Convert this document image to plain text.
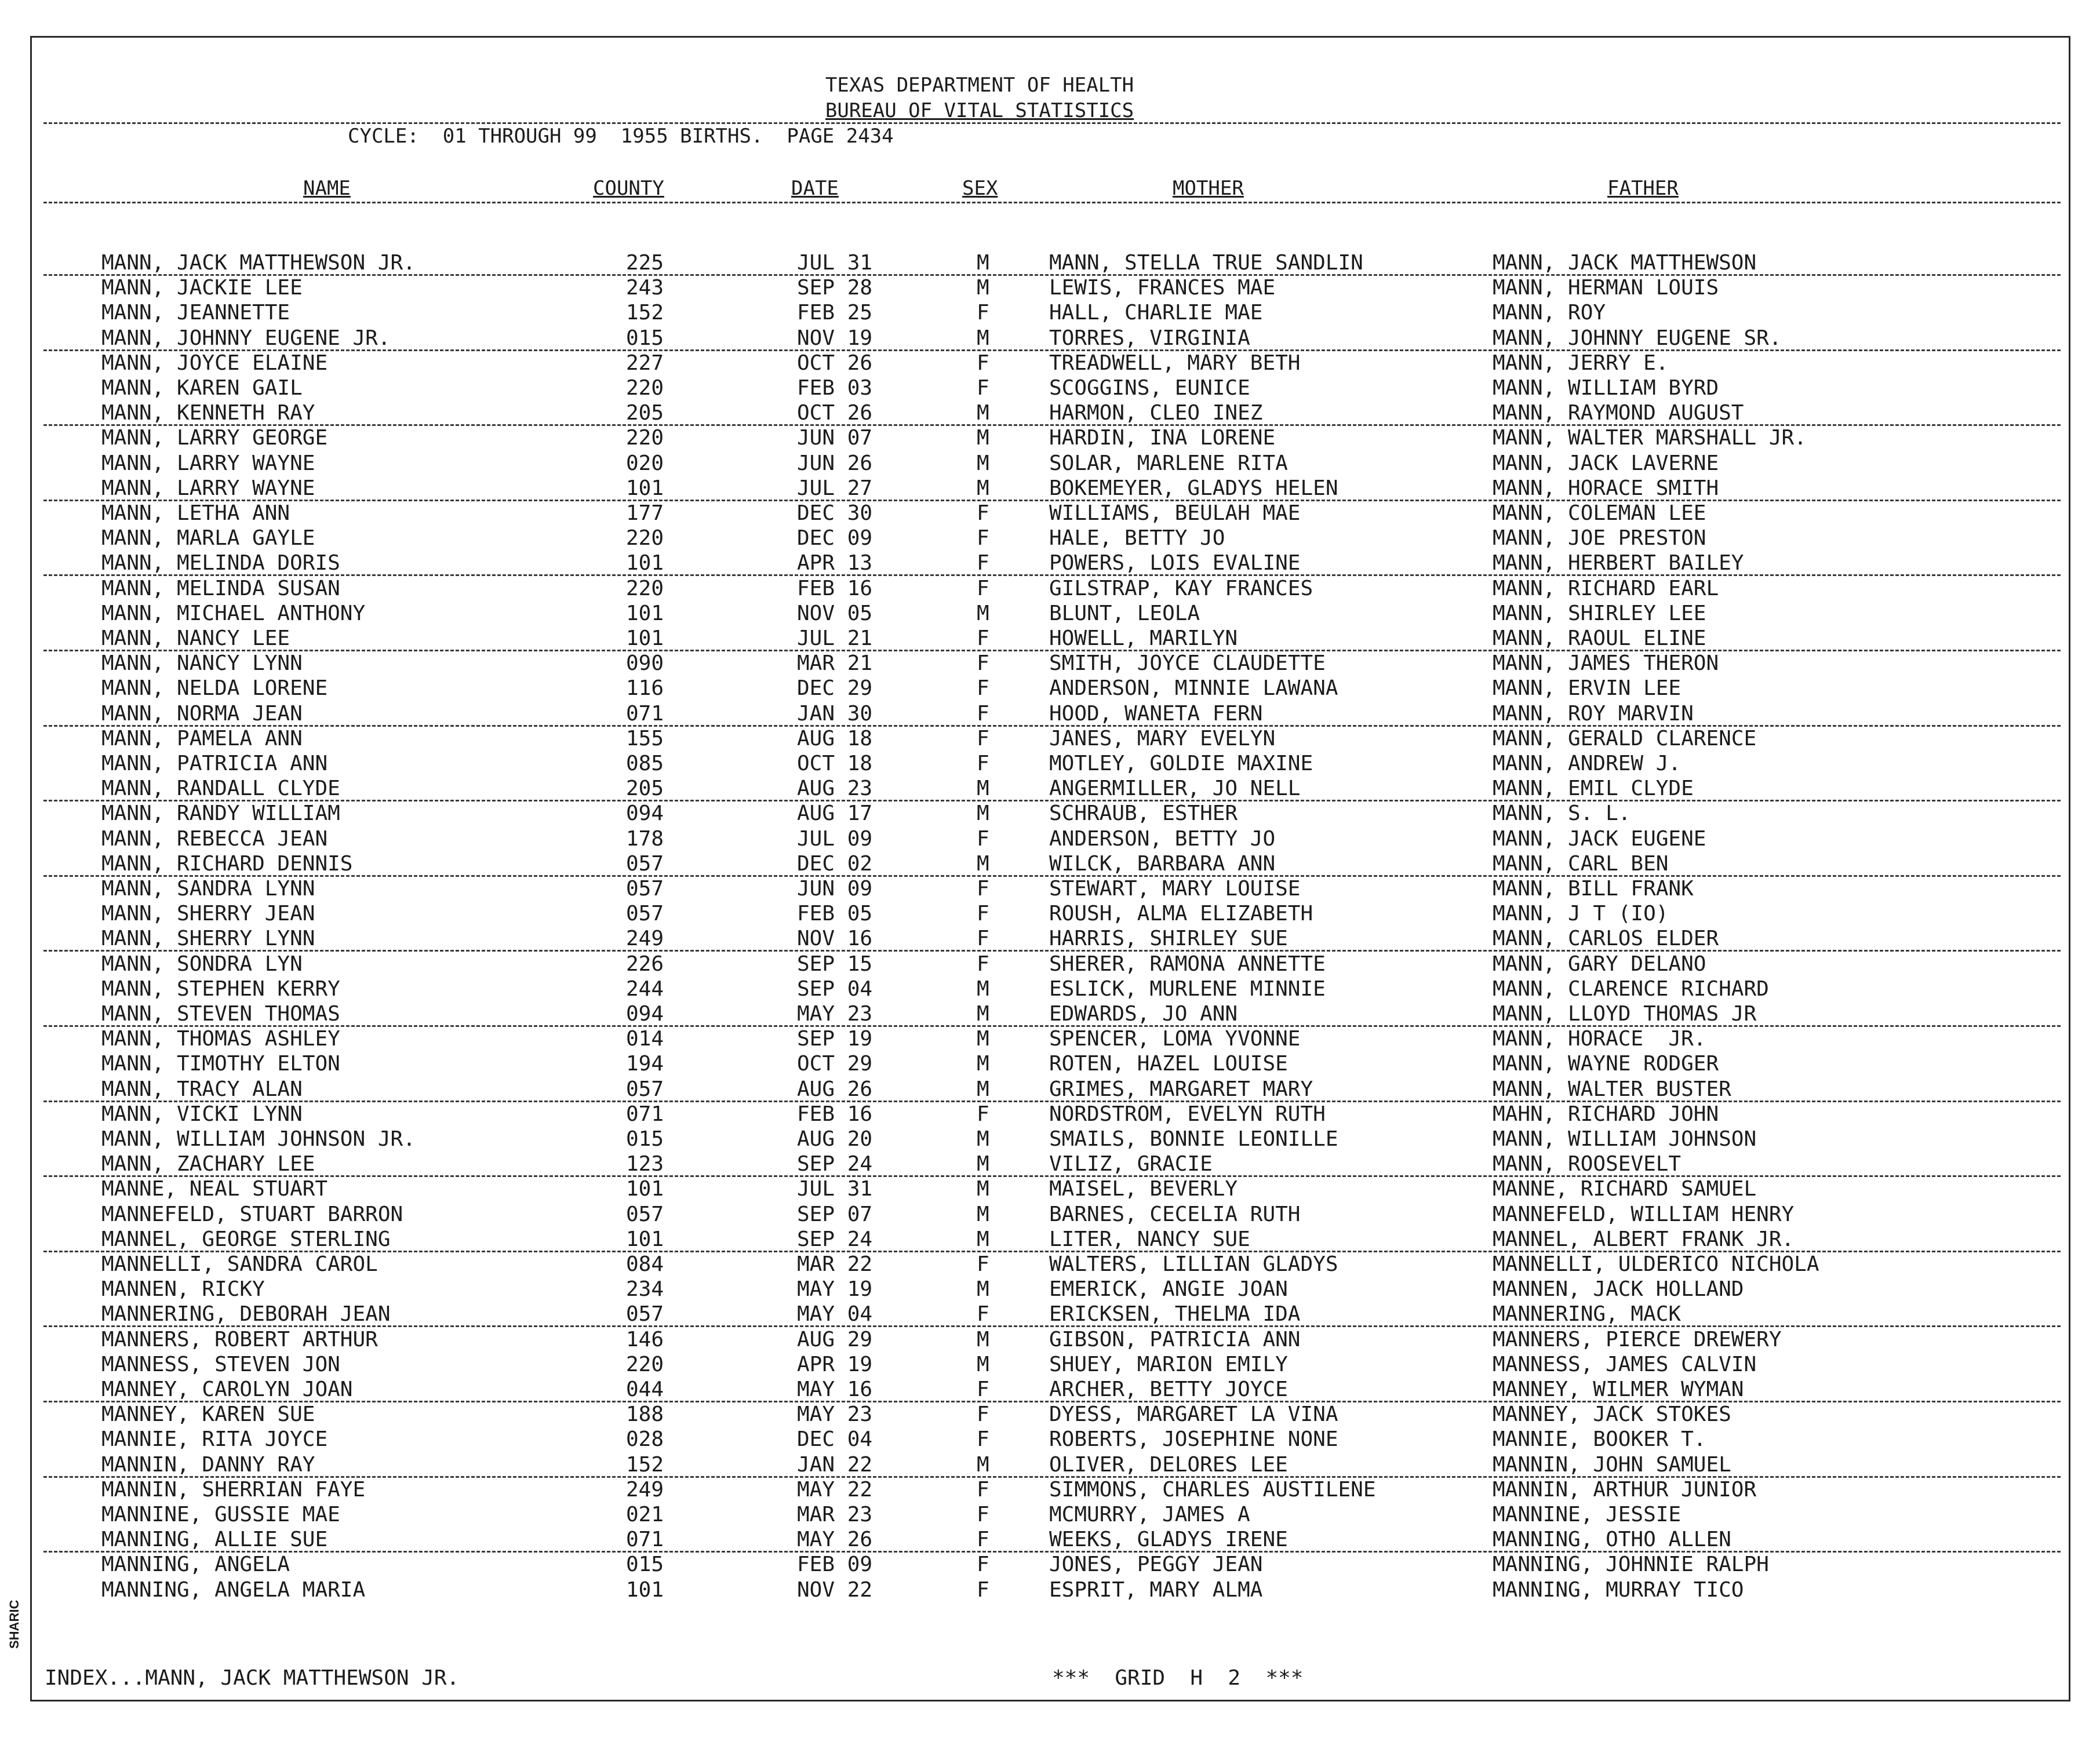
TEXAS DEPARTMENT OF HEALTH
BUREAU OF VITAL STATISTICS
CYCLE:  01 THROUGH 99  1955 BIRTHS.  PAGE 2434
NAME	COUNTY	DATE	SEX	MOTHER	FATHER
MANN, JACK MATTHEWSON JR.	225	JUL 31	M	MANN, STELLA TRUE SANDLIN	MANN, JACK MATTHEWSON
MANN, JACKIE LEE	243	SEP 28	M	LEWIS, FRANCES MAE	MANN, HERMAN LOUIS
MANN, JEANNETTE	152	FEB 25	F	HALL, CHARLIE MAE	MANN, ROY
MANN, JOHNNY EUGENE JR.	015	NOV 19	M	TORRES, VIRGINIA	MANN, JOHNNY EUGENE SR.
MANN, JOYCE ELAINE	227	OCT 26	F	TREADWELL, MARY BETH	MANN, JERRY E.
MANN, KAREN GAIL	220	FEB 03	F	SCOGGINS, EUNICE	MANN, WILLIAM BYRD
MANN, KENNETH RAY	205	OCT 26	M	HARMON, CLEO INEZ	MANN, RAYMOND AUGUST
MANN, LARRY GEORGE	220	JUN 07	M	HARDIN, INA LORENE	MANN, WALTER MARSHALL JR.
MANN, LARRY WAYNE	020	JUN 26	M	SOLAR, MARLENE RITA	MANN, JACK LAVERNE
MANN, LARRY WAYNE	101	JUL 27	M	BOKEMEYER, GLADYS HELEN	MANN, HORACE SMITH
MANN, LETHA ANN	177	DEC 30	F	WILLIAMS, BEULAH MAE	MANN, COLEMAN LEE
MANN, MARLA GAYLE	220	DEC 09	F	HALE, BETTY JO	MANN, JOE PRESTON
MANN, MELINDA DORIS	101	APR 13	F	POWERS, LOIS EVALINE	MANN, HERBERT BAILEY
MANN, MELINDA SUSAN	220	FEB 16	F	GILSTRAP, KAY FRANCES	MANN, RICHARD EARL
MANN, MICHAEL ANTHONY	101	NOV 05	M	BLUNT, LEOLA	MANN, SHIRLEY LEE
MANN, NANCY LEE	101	JUL 21	F	HOWELL, MARILYN	MANN, RAOUL ELINE
MANN, NANCY LYNN	090	MAR 21	F	SMITH, JOYCE CLAUDETTE	MANN, JAMES THERON
MANN, NELDA LORENE	116	DEC 29	F	ANDERSON, MINNIE LAWANA	MANN, ERVIN LEE
MANN, NORMA JEAN	071	JAN 30	F	HOOD, WANETA FERN	MANN, ROY MARVIN
MANN, PAMELA ANN	155	AUG 18	F	JANES, MARY EVELYN	MANN, GERALD CLARENCE
MANN, PATRICIA ANN	085	OCT 18	F	MOTLEY, GOLDIE MAXINE	MANN, ANDREW J.
MANN, RANDALL CLYDE	205	AUG 23	M	ANGERMILLER, JO NELL	MANN, EMIL CLYDE
MANN, RANDY WILLIAM	094	AUG 17	M	SCHRAUB, ESTHER	MANN, S. L.
MANN, REBECCA JEAN	178	JUL 09	F	ANDERSON, BETTY JO	MANN, JACK EUGENE
MANN, RICHARD DENNIS	057	DEC 02	M	WILCK, BARBARA ANN	MANN, CARL BEN
MANN, SANDRA LYNN	057	JUN 09	F	STEWART, MARY LOUISE	MANN, BILL FRANK
MANN, SHERRY JEAN	057	FEB 05	F	ROUSH, ALMA ELIZABETH	MANN, J T (IO)
MANN, SHERRY LYNN	249	NOV 16	F	HARRIS, SHIRLEY SUE	MANN, CARLOS ELDER
MANN, SONDRA LYN	226	SEP 15	F	SHERER, RAMONA ANNETTE	MANN, GARY DELANO
MANN, STEPHEN KERRY	244	SEP 04	M	ESLICK, MURLENE MINNIE	MANN, CLARENCE RICHARD
MANN, STEVEN THOMAS	094	MAY 23	M	EDWARDS, JO ANN	MANN, LLOYD THOMAS JR
MANN, THOMAS ASHLEY	014	SEP 19	M	SPENCER, LOMA YVONNE	MANN, HORACE  JR.
MANN, TIMOTHY ELTON	194	OCT 29	M	ROTEN, HAZEL LOUISE	MANN, WAYNE RODGER
MANN, TRACY ALAN	057	AUG 26	M	GRIMES, MARGARET MARY	MANN, WALTER BUSTER
MANN, VICKI LYNN	071	FEB 16	F	NORDSTROM, EVELYN RUTH	MAHN, RICHARD JOHN
MANN, WILLIAM JOHNSON JR.	015	AUG 20	M	SMAILS, BONNIE LEONILLE	MANN, WILLIAM JOHNSON
MANN, ZACHARY LEE	123	SEP 24	M	VILIZ, GRACIE	MANN, ROOSEVELT
MANNE, NEAL STUART	101	JUL 31	M	MAISEL, BEVERLY	MANNE, RICHARD SAMUEL
MANNEFELD, STUART BARRON	057	SEP 07	M	BARNES, CECELIA RUTH	MANNEFELD, WILLIAM HENRY
MANNEL, GEORGE STERLING	101	SEP 24	M	LITER, NANCY SUE	MANNEL, ALBERT FRANK JR.
MANNELLI, SANDRA CAROL	084	MAR 22	F	WALTERS, LILLIAN GLADYS	MANNELLI, ULDERICO NICHOLA
MANNEN, RICKY	234	MAY 19	M	EMERICK, ANGIE JOAN	MANNEN, JACK HOLLAND
MANNERING, DEBORAH JEAN	057	MAY 04	F	ERICKSEN, THELMA IDA	MANNERING, MACK
MANNERS, ROBERT ARTHUR	146	AUG 29	M	GIBSON, PATRICIA ANN	MANNERS, PIERCE DREWERY
MANNESS, STEVEN JON	220	APR 19	M	SHUEY, MARION EMILY	MANNESS, JAMES CALVIN
MANNEY, CAROLYN JOAN	044	MAY 16	F	ARCHER, BETTY JOYCE	MANNEY, WILMER WYMAN
MANNEY, KAREN SUE	188	MAY 23	F	DYESS, MARGARET LA VINA	MANNEY, JACK STOKES
MANNIE, RITA JOYCE	028	DEC 04	F	ROBERTS, JOSEPHINE NONE	MANNIE, BOOKER T.
MANNIN, DANNY RAY	152	JAN 22	M	OLIVER, DELORES LEE	MANNIN, JOHN SAMUEL
MANNIN, SHERRIAN FAYE	249	MAY 22	F	SIMMONS, CHARLES AUSTILENE	MANNIN, ARTHUR JUNIOR
MANNINE, GUSSIE MAE	021	MAR 23	F	MCMURRY, JAMES A	MANNINE, JESSIE
MANNING, ALLIE SUE	071	MAY 26	F	WEEKS, GLADYS IRENE	MANNING, OTHO ALLEN
MANNING, ANGELA	015	FEB 09	F	JONES, PEGGY JEAN	MANNING, JOHNNIE RALPH
MANNING, ANGELA MARIA	101	NOV 22	F	ESPRIT, MARY ALMA	MANNING, MURRAY TICO
INDEX...MANN, JACK MATTHEWSON JR.	***  GRID  H  2  ***
SHARIC
